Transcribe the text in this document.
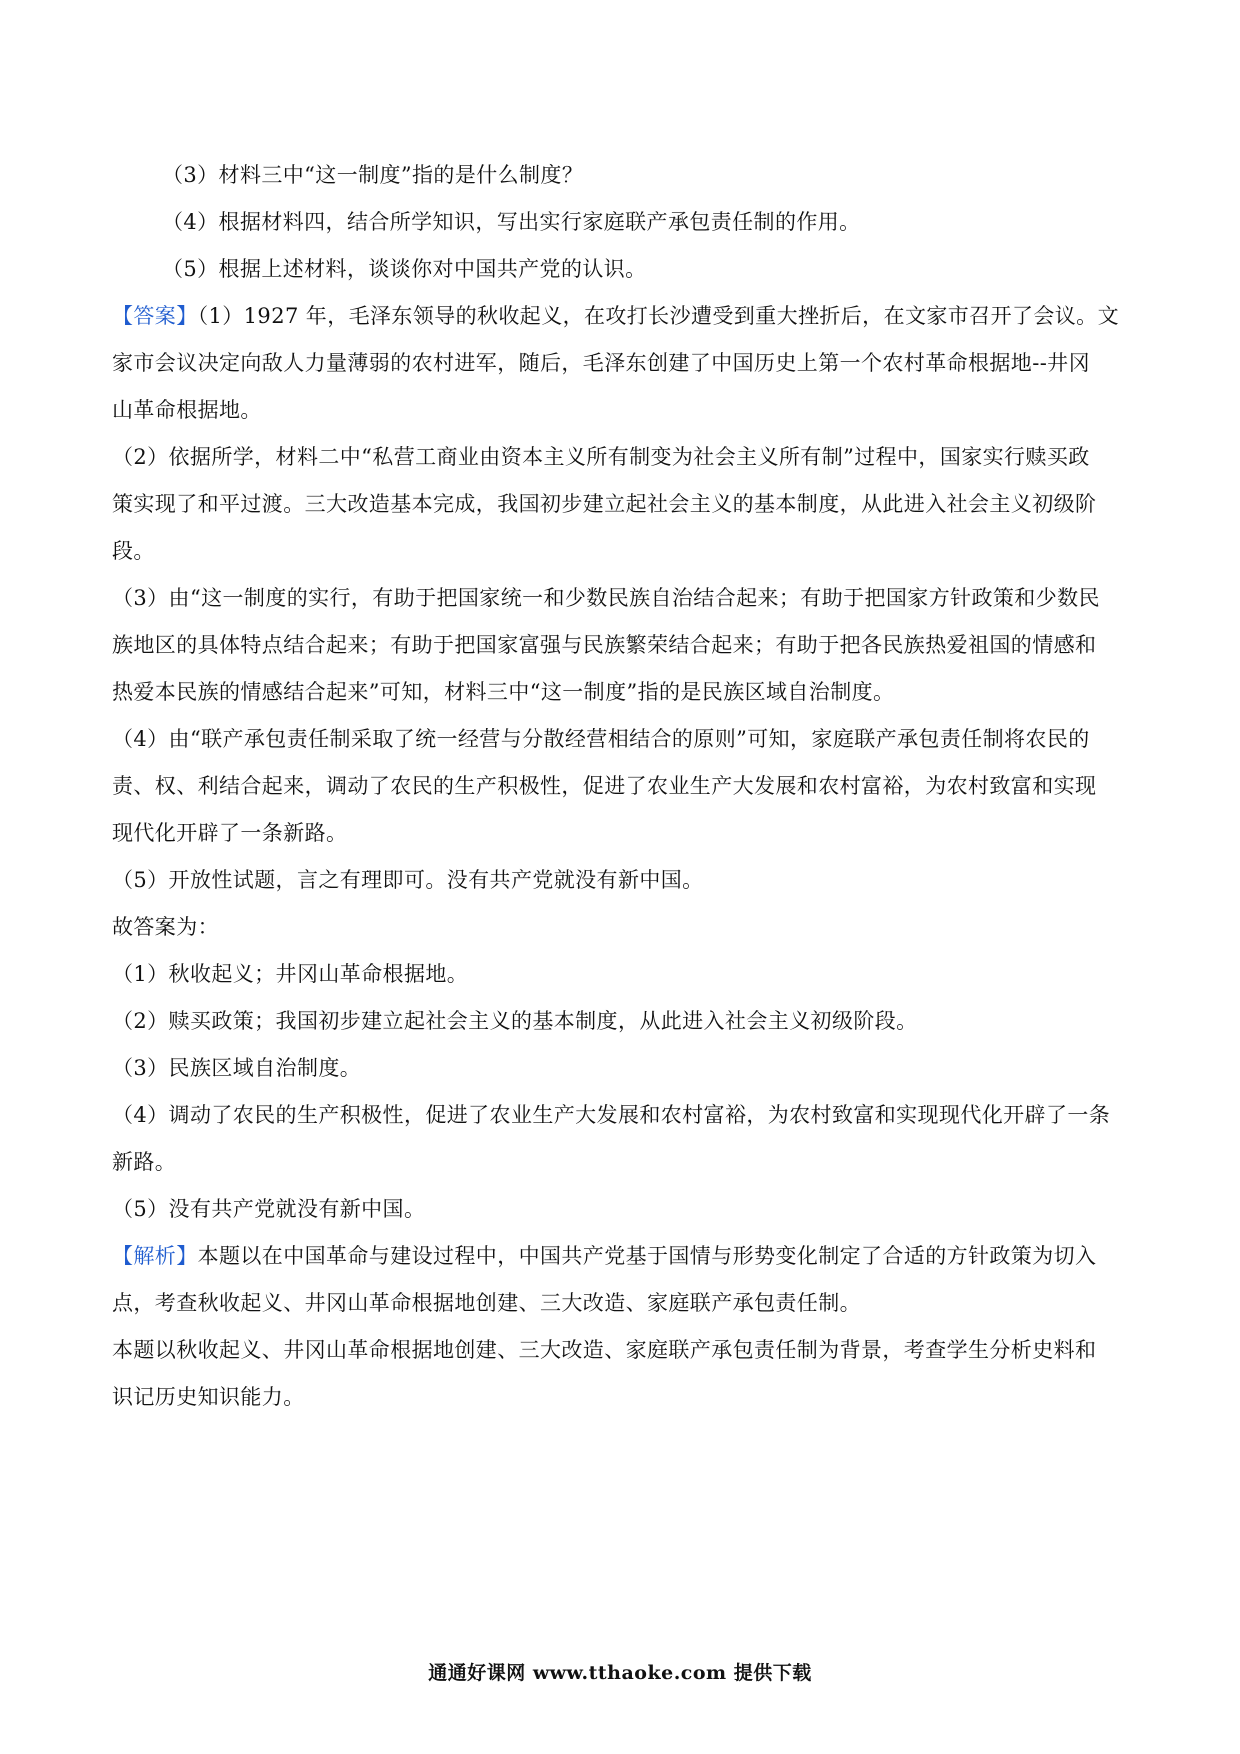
（3）材料三中“这一制度”指的是什么制度？
（4）根据材料四，结合所学知识，写出实行家庭联产承包责任制的作用。
（5）根据上述材料，谈谈你对中国共产党的认识。
【答案】（1）1927 年，毛泽东领导的秋收起义，在攻打长沙遭受到重大挫折后，在文家市召开了会议。文
家市会议决定向敌人力量薄弱的农村进军，随后，毛泽东创建了中国历史上第一个农村革命根据地--井冈
山革命根据地。
（2）依据所学，材料二中“私营工商业由资本主义所有制变为社会主义所有制”过程中，国家实行赎买政
策实现了和平过渡。三大改造基本完成，我国初步建立起社会主义的基本制度，从此进入社会主义初级阶
段。
（3）由“这一制度的实行，有助于把国家统一和少数民族自治结合起来；有助于把国家方针政策和少数民
族地区的具体特点结合起来；有助于把国家富强与民族繁荣结合起来；有助于把各民族热爱祖国的情感和
热爱本民族的情感结合起来”可知，材料三中“这一制度”指的是民族区域自治制度。
（4）由“联产承包责任制采取了统一经营与分散经营相结合的原则”可知，家庭联产承包责任制将农民的
责、权、利结合起来，调动了农民的生产积极性，促进了农业生产大发展和农村富裕，为农村致富和实现
现代化开辟了一条新路。
（5）开放性试题，言之有理即可。没有共产党就没有新中国。
故答案为：
（1）秋收起义；井冈山革命根据地。
（2）赎买政策；我国初步建立起社会主义的基本制度，从此进入社会主义初级阶段。
（3）民族区域自治制度。
（4）调动了农民的生产积极性，促进了农业生产大发展和农村富裕，为农村致富和实现现代化开辟了一条
新路。
（5）没有共产党就没有新中国。
【解析】本题以在中国革命与建设过程中，中国共产党基于国情与形势变化制定了合适的方针政策为切入
点，考查秋收起义、井冈山革命根据地创建、三大改造、家庭联产承包责任制。
本题以秋收起义、井冈山革命根据地创建、三大改造、家庭联产承包责任制为背景，考查学生分析史料和
识记历史知识能力。
通通好课网 www.tthaoke.com 提供下载
